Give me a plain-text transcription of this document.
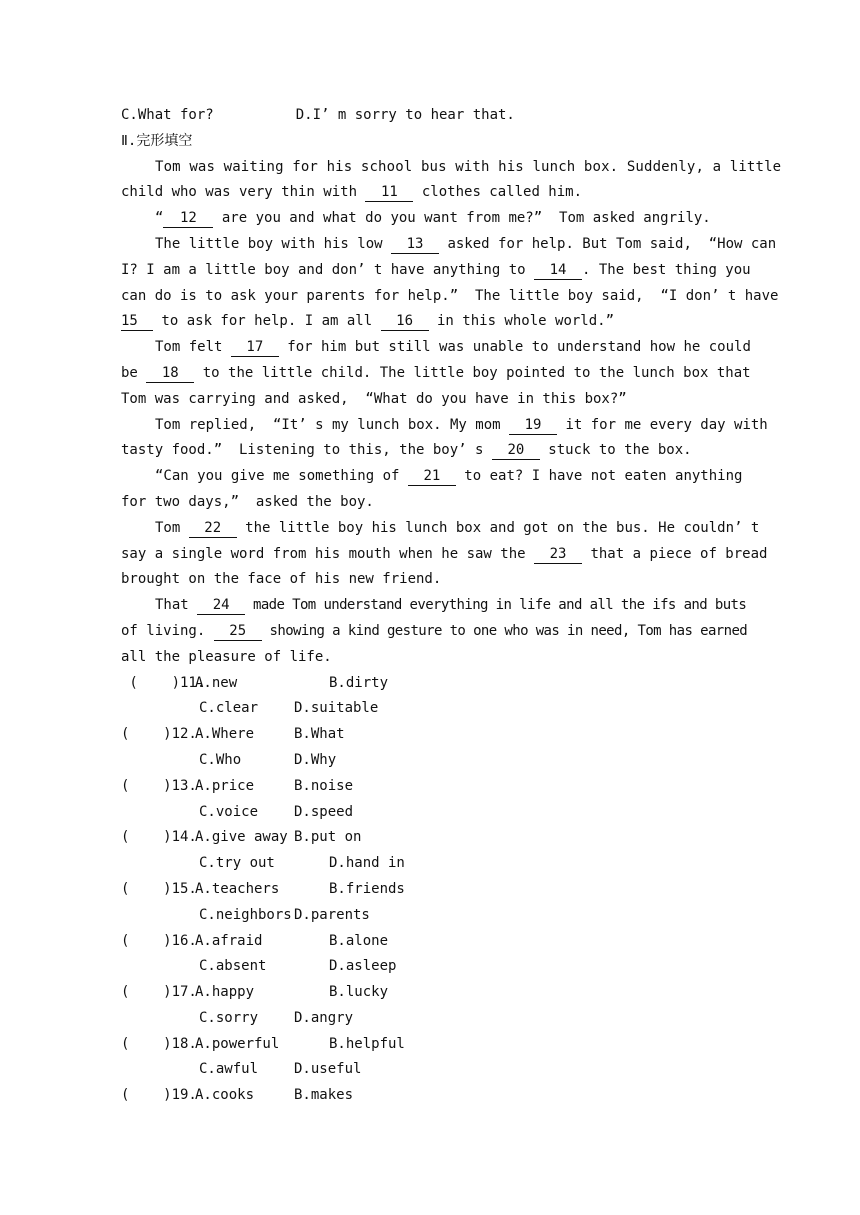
C.What for?	D.I’ m sorry to hear that.
Ⅱ.完形填空
Tom was waiting for his school bus with his lunch box. Suddenly, a little
child who was very thin with 11 clothes called him.
“ 12 are you and what do you want from me?”  Tom asked angrily.
The little boy with his low 13 asked for help. But Tom said,  “How can
I? I am a little boy and don’ t have anything to 14 . The best thing you
can do is to ask your parents for help.”  The little boy said,  “I don’ t have
15 to ask for help. I am all 16 in this whole world.”
Tom felt 17 for him but still was unable to understand how he could
be 18 to the little child. The little boy pointed to the lunch box that
Tom was carrying and asked,  “What do you have in this box?”
Tom replied,  “It’ s my lunch box. My mom 19 it for me every day with
tasty food.”  Listening to this, the boy’ s 20 stuck to the box.
“Can you give me something of 21 to eat? I have not eaten anything
for two days,”  asked the boy.
Tom 22 the little boy his lunch box and got on the bus. He couldn’ t
say a single word from his mouth when he saw the 23 that a piece of bread
brought on the face of his new friend.
That 24 made Tom understand everything in life and all the ifs and buts
of living. 25 showing a kind gesture to one who was in need, Tom has earned
all the pleasure of life.
(    )11.A.new	B.dirty
C.clear	D.suitable
(    )12.A.Where	B.What
C.Who	D.Why
(    )13.A.price	B.noise
C.voice	D.speed
(    )14.A.give away B.put on
C.try out	D.hand in
(    )15.A.teachers	B.friends
C.neighbors D.parents
(    )16.A.afraid	B.alone
C.absent	D.asleep
(    )17.A.happy	B.lucky
C.sorry	D.angry
(    )18.A.powerful	B.helpful
C.awful	D.useful
(    )19.A.cooks	B.makes
